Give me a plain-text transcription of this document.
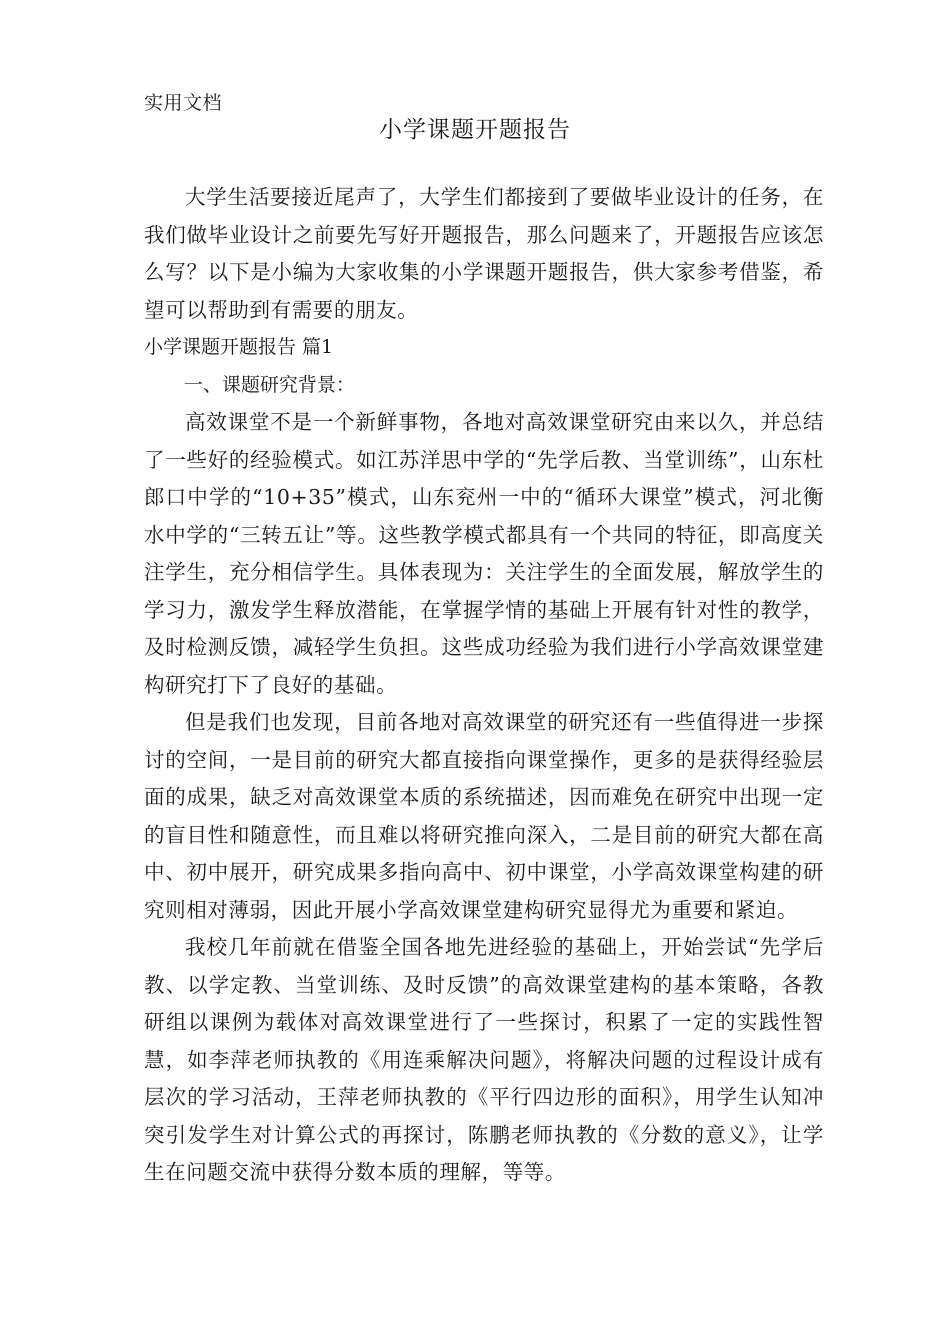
实用文档
小学课题开题报告

大学生活要接近尾声了，大学生们都接到了要做毕业设计的任务，在我们做毕业设计之前要先写好开题报告，那么问题来了，开题报告应该怎么写？以下是小编为大家收集的小学课题开题报告，供大家参考借鉴，希望可以帮助到有需要的朋友。

小学课题开题报告 篇1

一、课题研究背景：

高效课堂不是一个新鲜事物，各地对高效课堂研究由来以久，并总结了一些好的经验模式。如江苏洋思中学的“先学后教、当堂训练”，山东杜郎口中学的“10+35”模式，山东兖州一中的“循环大课堂”模式，河北衡水中学的“三转五让”等。这些教学模式都具有一个共同的特征，即高度关注学生，充分相信学生。具体表现为：关注学生的全面发展，解放学生的学习力，激发学生释放潜能，在掌握学情的基础上开展有针对性的教学，及时检测反馈，减轻学生负担。这些成功经验为我们进行小学高效课堂建构研究打下了良好的基础。

但是我们也发现，目前各地对高效课堂的研究还有一些值得进一步探讨的空间，一是目前的研究大都直接指向课堂操作，更多的是获得经验层面的成果，缺乏对高效课堂本质的系统描述，因而难免在研究中出现一定的盲目性和随意性，而且难以将研究推向深入，二是目前的研究大都在高中、初中展开，研究成果多指向高中、初中课堂，小学高效课堂构建的研究则相对薄弱，因此开展小学高效课堂建构研究显得尤为重要和紧迫。

我校几年前就在借鉴全国各地先进经验的基础上，开始尝试“先学后教、以学定教、当堂训练、及时反馈”的高效课堂建构的基本策略，各教研组以课例为载体对高效课堂进行了一些探讨，积累了一定的实践性智慧，如李萍老师执教的《用连乘解决问题》，将解决问题的过程设计成有层次的学习活动，王萍老师执教的《平行四边形的面积》，用学生认知冲突引发学生对计算公式的再探讨，陈鹏老师执教的《分数的意义》，让学生在问题交流中获得分数本质的理解，等等。
